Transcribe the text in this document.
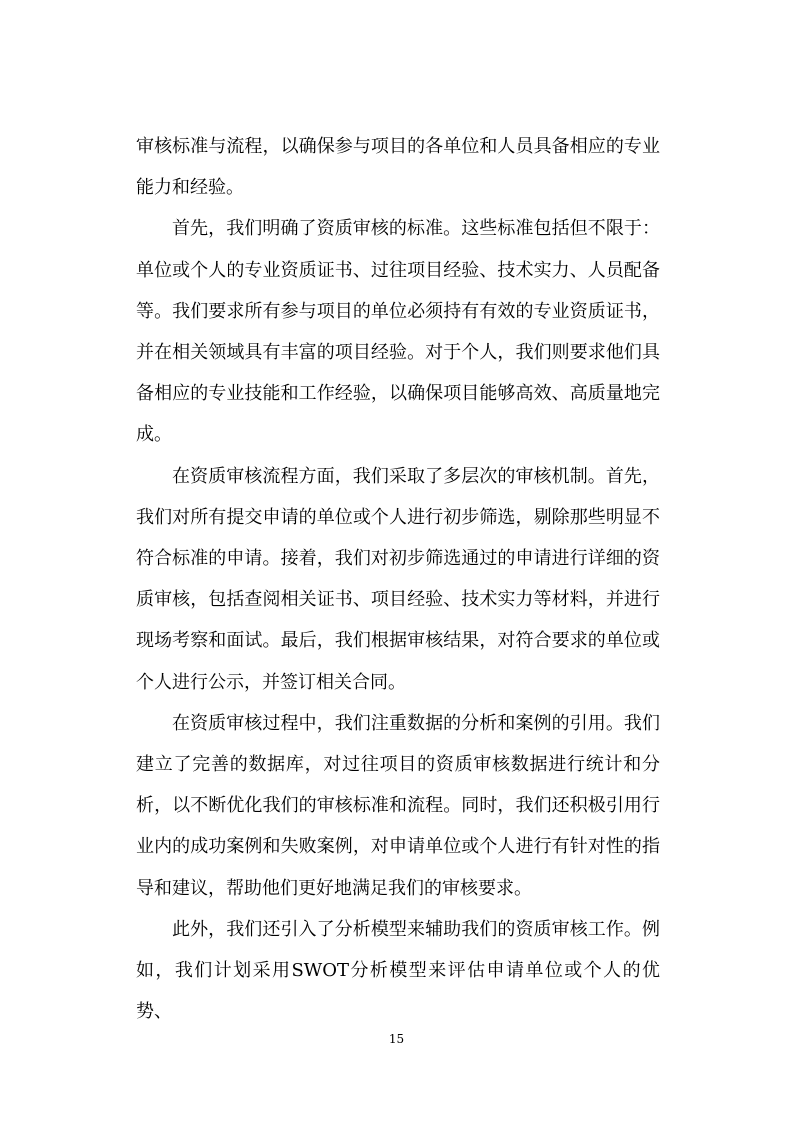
审核标准与流程，以确保参与项目的各单位和人员具备相应的专业能力和经验。

首先，我们明确了资质审核的标准。这些标准包括但不限于：单位或个人的专业资质证书、过往项目经验、技术实力、人员配备等。我们要求所有参与项目的单位必须持有有效的专业资质证书，并在相关领域具有丰富的项目经验。对于个人，我们则要求他们具备相应的专业技能和工作经验，以确保项目能够高效、高质量地完成。

在资质审核流程方面，我们采取了多层次的审核机制。首先，我们对所有提交申请的单位或个人进行初步筛选，剔除那些明显不符合标准的申请。接着，我们对初步筛选通过的申请进行详细的资质审核，包括查阅相关证书、项目经验、技术实力等材料，并进行现场考察和面试。最后，我们根据审核结果，对符合要求的单位或个人进行公示，并签订相关合同。

在资质审核过程中，我们注重数据的分析和案例的引用。我们建立了完善的数据库，对过往项目的资质审核数据进行统计和分析，以不断优化我们的审核标准和流程。同时，我们还积极引用行业内的成功案例和失败案例，对申请单位或个人进行有针对性的指导和建议，帮助他们更好地满足我们的审核要求。

此外，我们还引入了分析模型来辅助我们的资质审核工作。例如，我们计划采用SWOT分析模型来评估申请单位或个人的优势、

15
